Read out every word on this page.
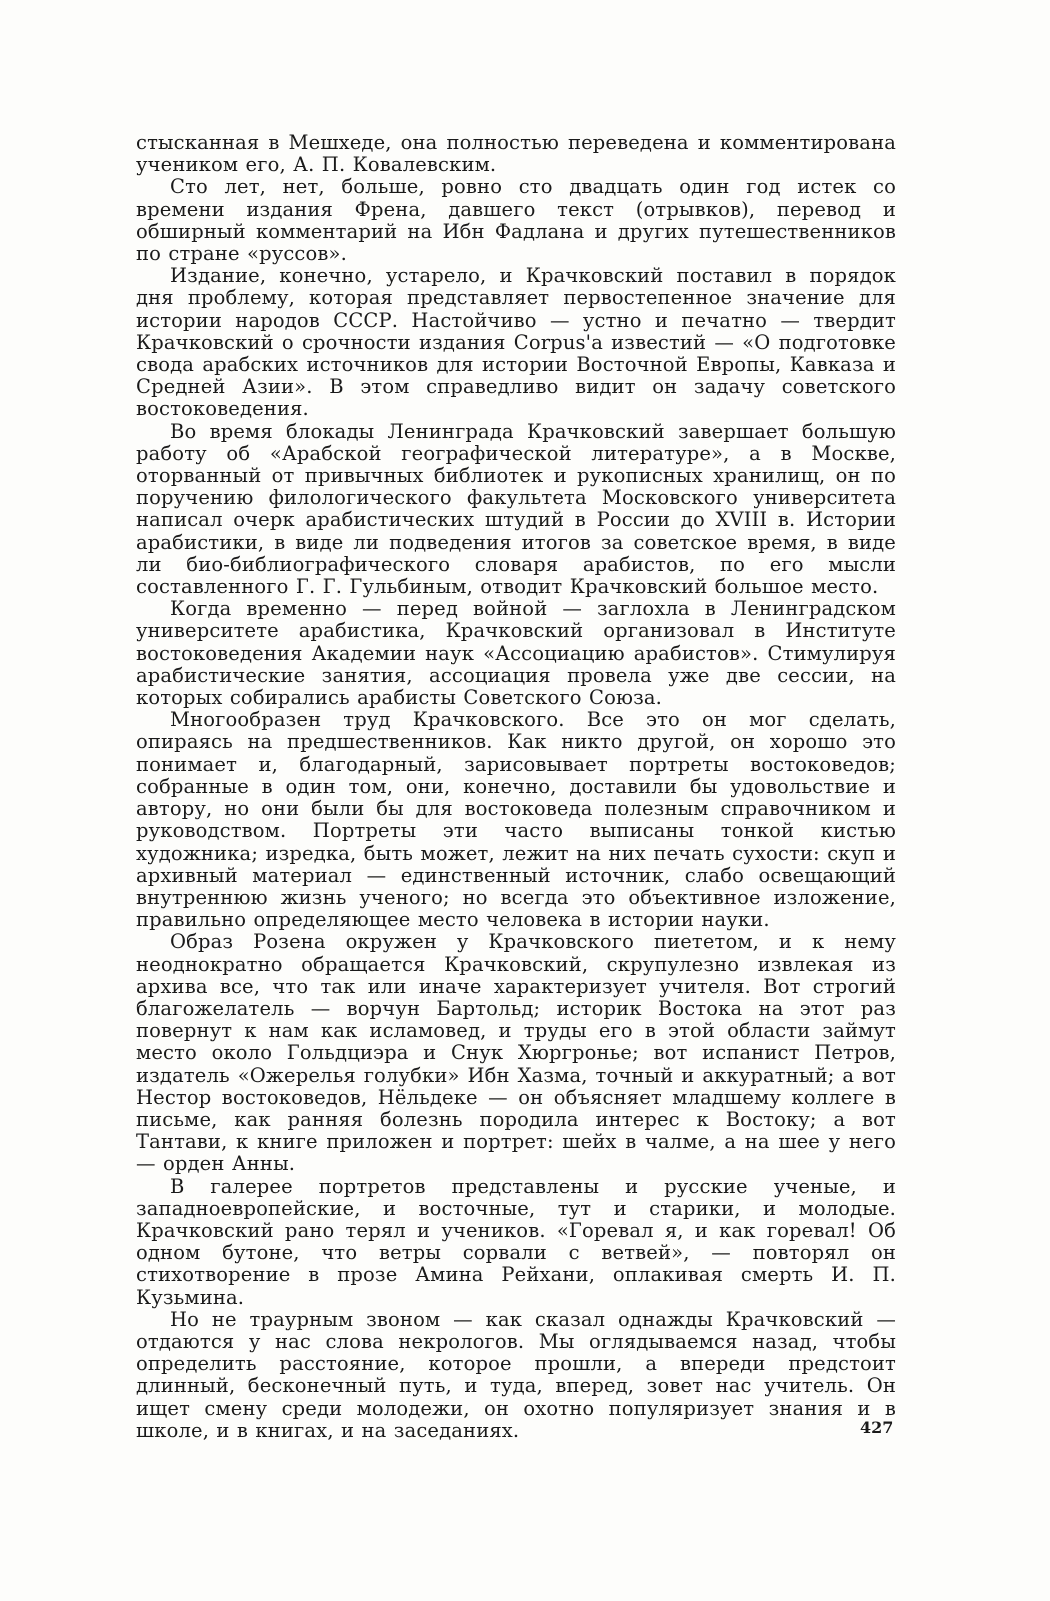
стысканная в Мешхеде, она полностью переведена и комментирована учеником его, А. П. Ковалевским.

Сто лет, нет, больше, ровно сто двадцать один год истек со времени издания Френа, давшего текст (отрывков), перевод и обширный комментарий на Ибн Фадлана и других путешественников по стране «руссов».

Издание, конечно, устарело, и Крачковский поставил в порядок дня проблему, которая представляет первостепенное значение для истории народов СССР. Настойчиво — устно и печатно — твердит Крачковский о срочности издания Corpus'а известий — «О подготовке свода арабских источников для истории Восточной Европы, Кавказа и Средней Азии». В этом справедливо видит он задачу советского востоковедения.

Во время блокады Ленинграда Крачковский завершает большую работу об «Арабской географической литературе», а в Москве, оторванный от привычных библиотек и рукописных хранилищ, он по поручению филологического факультета Московского университета написал очерк арабистических штудий в России до XVIII в. Истории арабистики, в виде ли подведения итогов за советское время, в виде ли био-библиографического словаря арабистов, по его мысли составленного Г. Г. Гульбиным, отводит Крачковский большое место.

Когда временно — перед войной — заглохла в Ленинградском университете арабистика, Крачковский организовал в Институте востоковедения Академии наук «Ассоциацию арабистов». Стимулируя арабистические занятия, ассоциация провела уже две сессии, на которых собирались арабисты Советского Союза.

Многообразен труд Крачковского. Все это он мог сделать, опираясь на предшественников. Как никто другой, он хорошо это понимает и, благодарный, зарисовывает портреты востоковедов; собранные в один том, они, конечно, доставили бы удовольствие и автору, но они были бы для востоковеда полезным справочником и руководством. Портреты эти часто выписаны тонкой кистью художника; изредка, быть может, лежит на них печать сухости: скуп и архивный материал — единственный источник, слабо освещающий внутреннюю жизнь ученого; но всегда это объективное изложение, правильно определяющее место человека в истории науки.

Образ Розена окружен у Крачковского пиететом, и к нему неоднократно обращается Крачковский, скрупулезно извлекая из архива все, что так или иначе характеризует учителя. Вот строгий благожелатель — ворчун Бартольд; историк Востока на этот раз повернут к нам как исламовед, и труды его в этой области займут место около Гольдциэра и Снук Хюргронье; вот испанист Петров, издатель «Ожерелья голубки» Ибн Хазма, точный и аккуратный; а вот Нестор востоковедов, Нёльдеке — он объясняет младшему коллеге в письме, как ранняя болезнь породила интерес к Востоку; а вот Тантави, к книге приложен и портрет: шейх в чалме, а на шее у него — орден Анны.

В галерее портретов представлены и русские ученые, и западноевропейские, и восточные, тут и старики, и молодые. Крачковский рано терял и учеников. «Горевал я, и как горевал! Об одном бутоне, что ветры сорвали с ветвей», — повторял он стихотворение в прозе Амина Рейхани, оплакивая смерть И. П. Кузьмина.

Но не траурным звоном — как сказал однажды Крачковский — отдаются у нас слова некрологов. Мы оглядываемся назад, чтобы определить расстояние, которое прошли, а впереди предстоит длинный, бесконечный путь, и туда, вперед, зовет нас учитель. Он ищет смену среди молодежи, он охотно популяризует знания и в школе, и в книгах, и на заседаниях.	427
